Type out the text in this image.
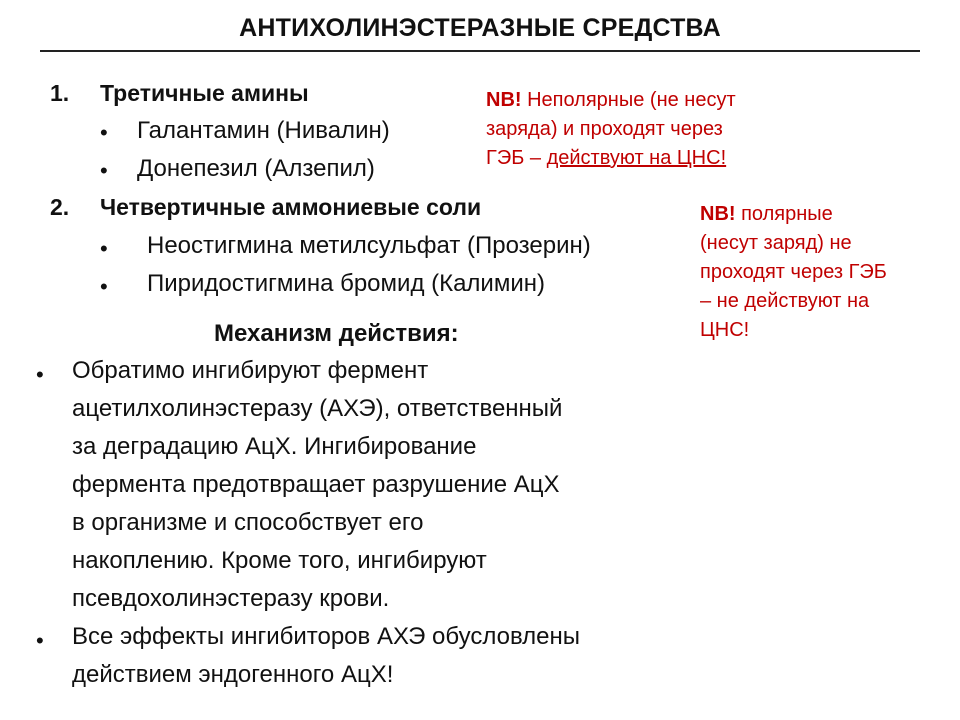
АНТИХОЛИНЭСТЕРАЗНЫЕ СРЕДСТВА
1. Третичные амины
• Галантамин (Нивалин)
• Донепезил (Алзепил)
2. Четвертичные аммониевые соли
• Неостигмина метилсульфат (Прозерин)
• Пиридостигмина бромид (Калимин)
NB! Неполярные (не несут
заряда) и проходят через
ГЭБ – действуют на ЦНС!
NB! полярные
(несут заряд) не
проходят через ГЭБ
– не действуют на
ЦНС!
Механизм действия:
• Обратимо ингибируют фермент
ацетилхолинэстеразу (АХЭ), ответственный
за деградацию АцХ. Ингибирование
фермента предотвращает разрушение АцХ
в организме и способствует его
накоплению. Кроме того, ингибируют
псевдохолинэстеразу крови.
• Все эффекты ингибиторов АХЭ обусловлены
действием эндогенного АцХ!
